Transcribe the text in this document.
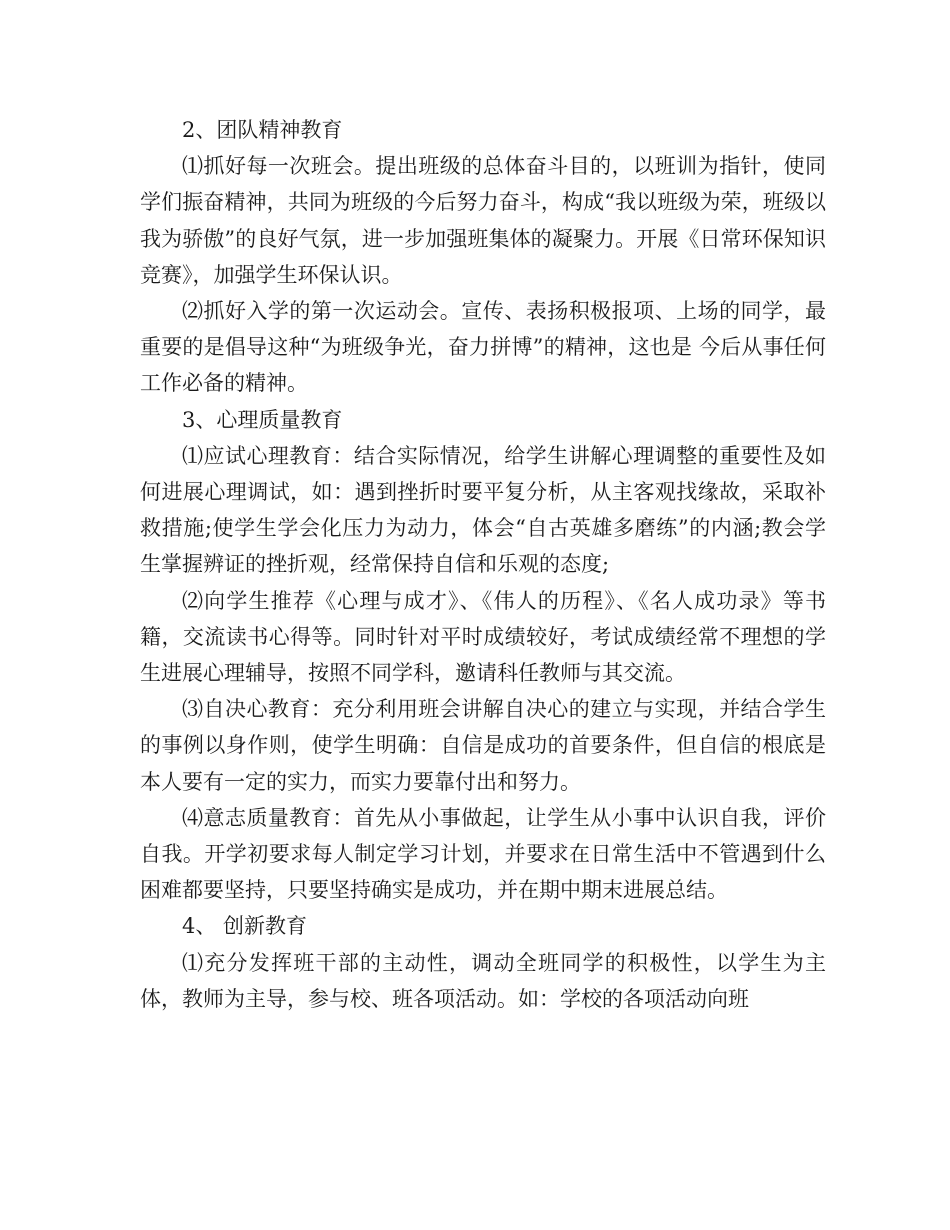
2、团队精神教育

⑴抓好每一次班会。提出班级的总体奋斗目的，以班训为指针，使同学们振奋精神，共同为班级的今后努力奋斗，构成“我以班级为荣，班级以我为骄傲”的良好气氛，进一步加强班集体的凝聚力。开展《日常环保知识竞赛》，加强学生环保认识。

⑵抓好入学的第一次运动会。宣传、表扬积极报项、上场的同学，最重要的是倡导这种“为班级争光，奋力拼博”的精神，这也是 今后从事任何工作必备的精神。

3、心理质量教育

⑴应试心理教育：结合实际情况，给学生讲解心理调整的重要性及如何进展心理调试，如：遇到挫折时要平复分析，从主客观找缘故，采取补救措施;使学生学会化压力为动力，体会“自古英雄多磨练”的内涵;教会学生掌握辨证的挫折观，经常保持自信和乐观的态度;

⑵向学生推荐《心理与成才》、《伟人的历程》、《名人成功录》等书籍，交流读书心得等。同时针对平时成绩较好，考试成绩经常不理想的学生进展心理辅导，按照不同学科，邀请科任教师与其交流。

⑶自决心教育：充分利用班会讲解自决心的建立与实现，并结合学生的事例以身作则，使学生明确：自信是成功的首要条件，但自信的根底是本人要有一定的实力，而实力要靠付出和努力。

⑷意志质量教育：首先从小事做起，让学生从小事中认识自我，评价自我。开学初要求每人制定学习计划，并要求在日常生活中不管遇到什么困难都要坚持，只要坚持确实是成功，并在期中期末进展总结。

4、 创新教育

⑴充分发挥班干部的主动性，调动全班同学的积极性，以学生为主体，教师为主导，参与校、班各项活动。如：学校的各项活动向班
